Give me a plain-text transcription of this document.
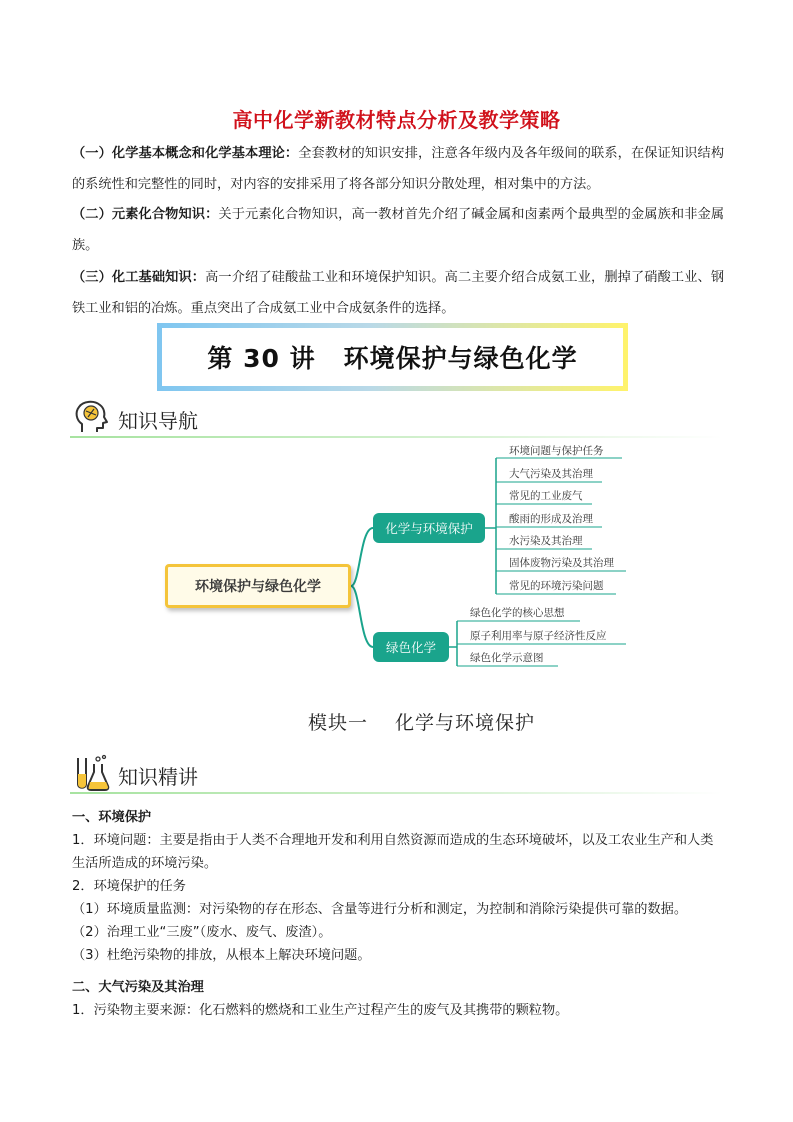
高中化学新教材特点分析及教学策略

（一）化学基本概念和化学基本理论：全套教材的知识安排，注意各年级内及各年级间的联系，在保证知识结构的系统性和完整性的同时，对内容的安排采用了将各部分知识分散处理，相对集中的方法。

（二）元素化合物知识：关于元素化合物知识，高一教材首先介绍了碱金属和卤素两个最典型的金属族和非金属族。

（三）化工基础知识：高一介绍了硅酸盐工业和环境保护知识。高二主要介绍合成氨工业，删掉了硝酸工业、钢铁工业和铝的冶炼。重点突出了合成氨工业中合成氨条件的选择。

第 30 讲 环境保护与绿色化学
知识导航
环境保护与绿色化学
化学与环境保护
绿色化学
环境问题与保护任务
大气污染及其治理
常见的工业废气
酸雨的形成及治理
水污染及其治理
固体废物污染及其治理
常见的环境污染问题
绿色化学的核心思想
原子利用率与原子经济性反应
绿色化学示意图
模块一 化学与环境保护
知识精讲
一、环境保护
1．环境问题：主要是指由于人类不合理地开发和利用自然资源而造成的生态环境破坏，以及工农业生产和人类生活所造成的环境污染。
2．环境保护的任务
（1）环境质量监测：对污染物的存在形态、含量等进行分析和测定，为控制和消除污染提供可靠的数据。
（2）治理工业“三废”（废水、废气、废渣）。
（3）杜绝污染物的排放，从根本上解决环境问题。
二、大气污染及其治理
1．污染物主要来源：化石燃料的燃烧和工业生产过程产生的废气及其携带的颗粒物。
